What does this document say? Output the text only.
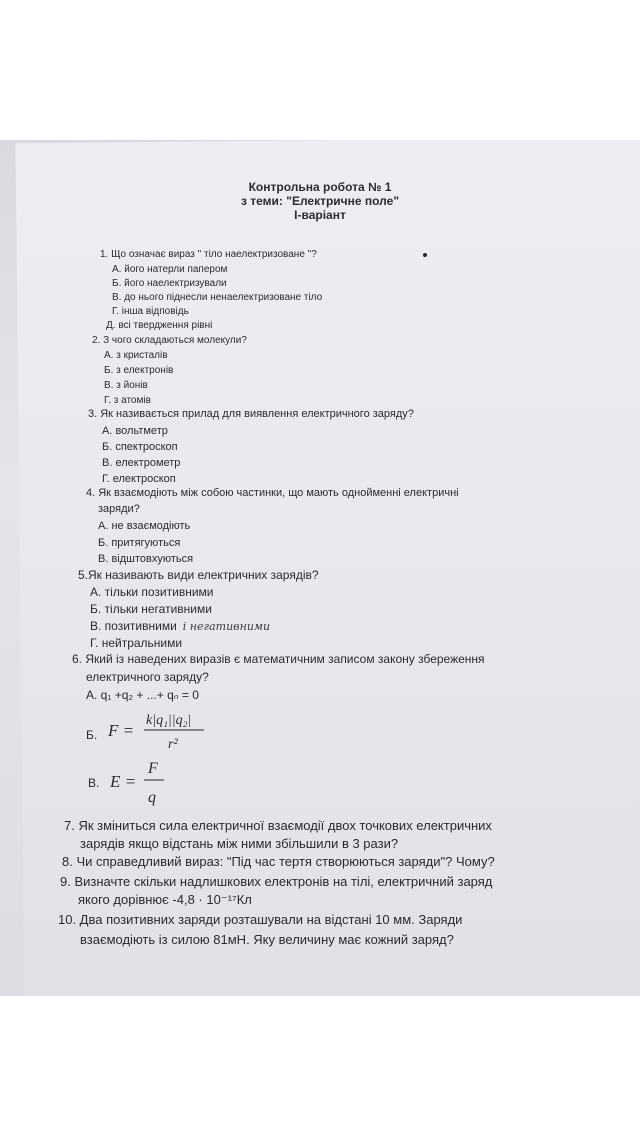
Контрольна робота № 1
з теми: "Електричне поле"
І-варіант
1. Що означає вираз " тіло наелектризоване "?
А. його натерли папером
Б. його наелектризували
В. до нього піднесли ненаелектризоване тіло
Г. інша відповідь
Д. всі твердження рівні
2. З чого складаються молекули?
А. з кристалів
Б. з електронів
В. з йонів
Г. з атомів
3. Як називається прилад для виявлення електричного заряду?
А. вольтметр
Б. спектроскоп
В. електрометр
Г. електроскоп
4. Як взаємодіють між собою частинки, що мають однойменні електричні
заряди?
А. не взаємодіють
Б. притягуються
В. відштовхуються
5.Як називають види електричних зарядів?
А. тільки позитивними
Б. тільки негативними
В. позитивними і негативними
Г. нейтральними
6. Який із наведених виразів є математичним записом закону збереження
електричного заряду?
А. q₁ +q₂ + ...+ qₙ = 0
Б. F =
k|q₁||q₂|
r²
В. E =
F
q
7. Як зміниться сила електричної взаємодії двох точкових електричних
зарядів якщо відстань між ними збільшили в 3 рази?
8. Чи справедливий вираз: "Під час тертя створюються заряди"? Чому?
9. Визначте скільки надлишкових електронів на тілі, електричний заряд
якого дорівнює -4,8 · 10⁻¹⁷Кл
10. Два позитивних заряди розташували на відстані 10 мм. Заряди
взаємодіють із силою 81мН. Яку величину має кожний заряд?
